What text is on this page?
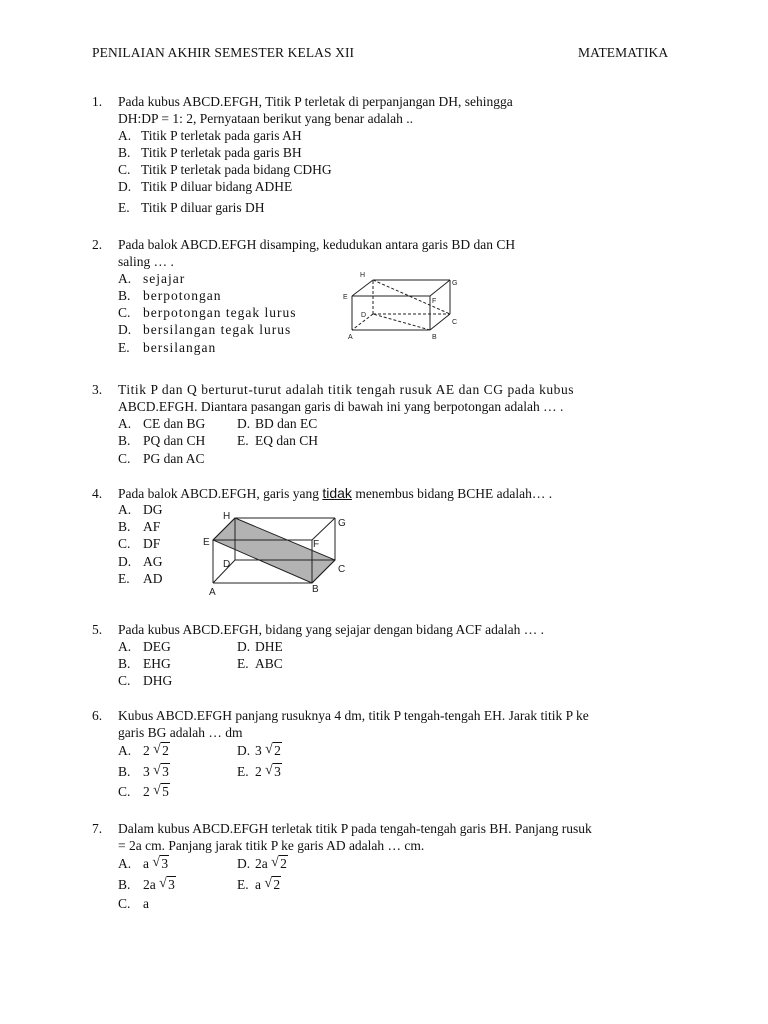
PENILAIAN AKHIR SEMESTER KELAS XII	MATEMATIKA
1. Pada kubus ABCD.EFGH, Titik P terletak di perpanjangan DH, sehingga
DH:DP = 1: 2, Pernyataan berikut yang benar adalah ..
A. Titik P terletak pada garis AH
B. Titik P terletak pada garis BH
C. Titik P terletak pada bidang CDHG
D. Titik P diluar bidang ADHE
E. Titik P diluar garis DH
2. Pada balok ABCD.EFGH disamping, kedudukan antara garis BD dan CH
saling … .
A. sejajar
B. berpotongan
C. berpotongan tegak lurus
D. bersilangan tegak lurus
E. bersilangan
H
G
E
F
D
C
A	B
3. Titik P dan Q berturut-turut adalah titik tengah rusuk AE dan CG pada kubus
ABCD.EFGH. Diantara pasangan garis di bawah ini yang berpotongan adalah … .
A. CE dan BG D. BD dan EC
B. PQ dan CH E. EQ dan CH
C. PG dan AC
4. Pada balok ABCD.EFGH, garis yang tidak menembus bidang BCHE adalah… .
A. DG
B. AF
C. DF
D. AG
E. AD
H
G
E	F
D	C
A	B
5. Pada kubus ABCD.EFGH, bidang yang sejajar dengan bidang ACF adalah … .
A. DEG	D. DHE
B. EHG	E. ABC
C. DHG
6. Kubus ABCD.EFGH panjang rusuknya 4 dm, titik P tengah-tengah EH. Jarak titik P ke
garis BG adalah … dm
A. 2 √ 2	D. 3 √ 2
B. 3 √ 3	E. 2 √ 3
C. 2 √ 5
7. Dalam kubus ABCD.EFGH terletak titik P pada tengah-tengah garis BH. Panjang rusuk
= 2a cm. Panjang jarak titik P ke garis AD adalah … cm.
A. a √ 3	D. 2a √ 2
B. 2a √ 3	E. a √ 2
C. a
